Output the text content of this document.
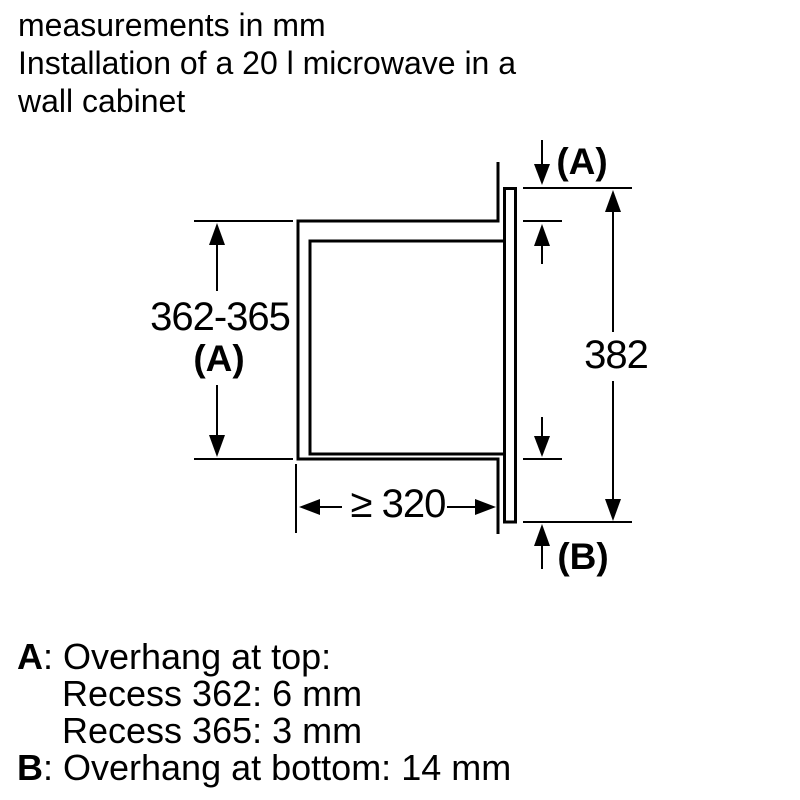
measurements in mm
Installation of a 20 l microwave in a
wall cabinet
362-365
(A)
(A)
382
(B)
≥ 320
A: Overhang at top:
Recess 362: 6 mm
Recess 365: 3 mm
B: Overhang at bottom: 14 mm
